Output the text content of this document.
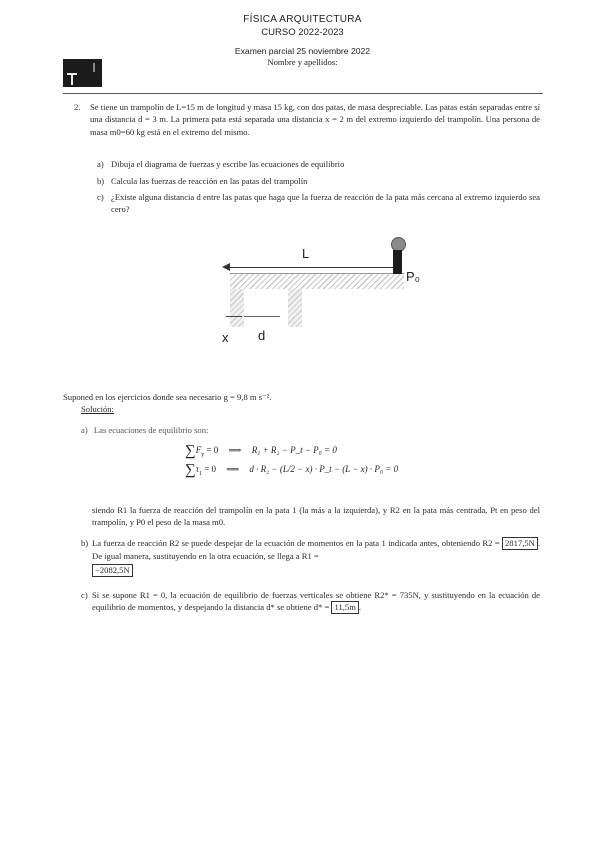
FÍSICA ARQUITECTURA
CURSO 2022-2023
Examen parcial 25 noviembre 2022
Nombre y apellidos:
2. Se tiene un trampolín de L=15 m de longitud y masa 15 kg, con dos patas, de masa despreciable. Las patas están separadas entre sí una distancia d = 3 m. La primera pata está separada una distancia x = 2 m del extremo izquierdo del trampolín. Una persona de masa m0=60 kg está en el extremo del mismo.
a) Dibuja el diagrama de fuerzas y escribe las ecuaciones de equilibrio
b) Calcula las fuerzas de reacción en las patas del trampolín
c) ¿Existe alguna distancia d entre las patas que haga que la fuerza de reacción de la pata más cercana al extremo izquierdo sea cero?
L
P₀
x d
Suponed en los ejercicios donde sea necesario g = 9,8 m s⁻².
Solución:
a) Las ecuaciones de equilibrio son:
$\sum F_y = 0$ ⟹ R₁ + R₂ − P_t − P₀ = 0
$\sum\tau_1 = 0$ ⟹ d · R₂ − (L/2 − x) · P_t − (L − x) · P₀ = 0
siendo R1 la fuerza de reacción del trampolín en la pata 1 (la más a la izquierda), y R2 en la pata más centrada, Pt en peso del trampolín, y P0 el peso de la masa m0.
b) La fuerza de reacción R2 se puede despejar de la ecuación de momentos en la pata 1 indicada antes, obteniendo R2 = 2817,5N . De igual manera, sustituyendo en la otra ecuación, se llega a R1 =
−2082,5N
c) Si se supone R1 = 0, la ecuación de equilibrio de fuerzas verticales se obtiene R2* = 735N, y sustituyendo en la ecuación de equilibrio de momentos, y despejando la distancia d* se obtiene d* = 11,5m .
